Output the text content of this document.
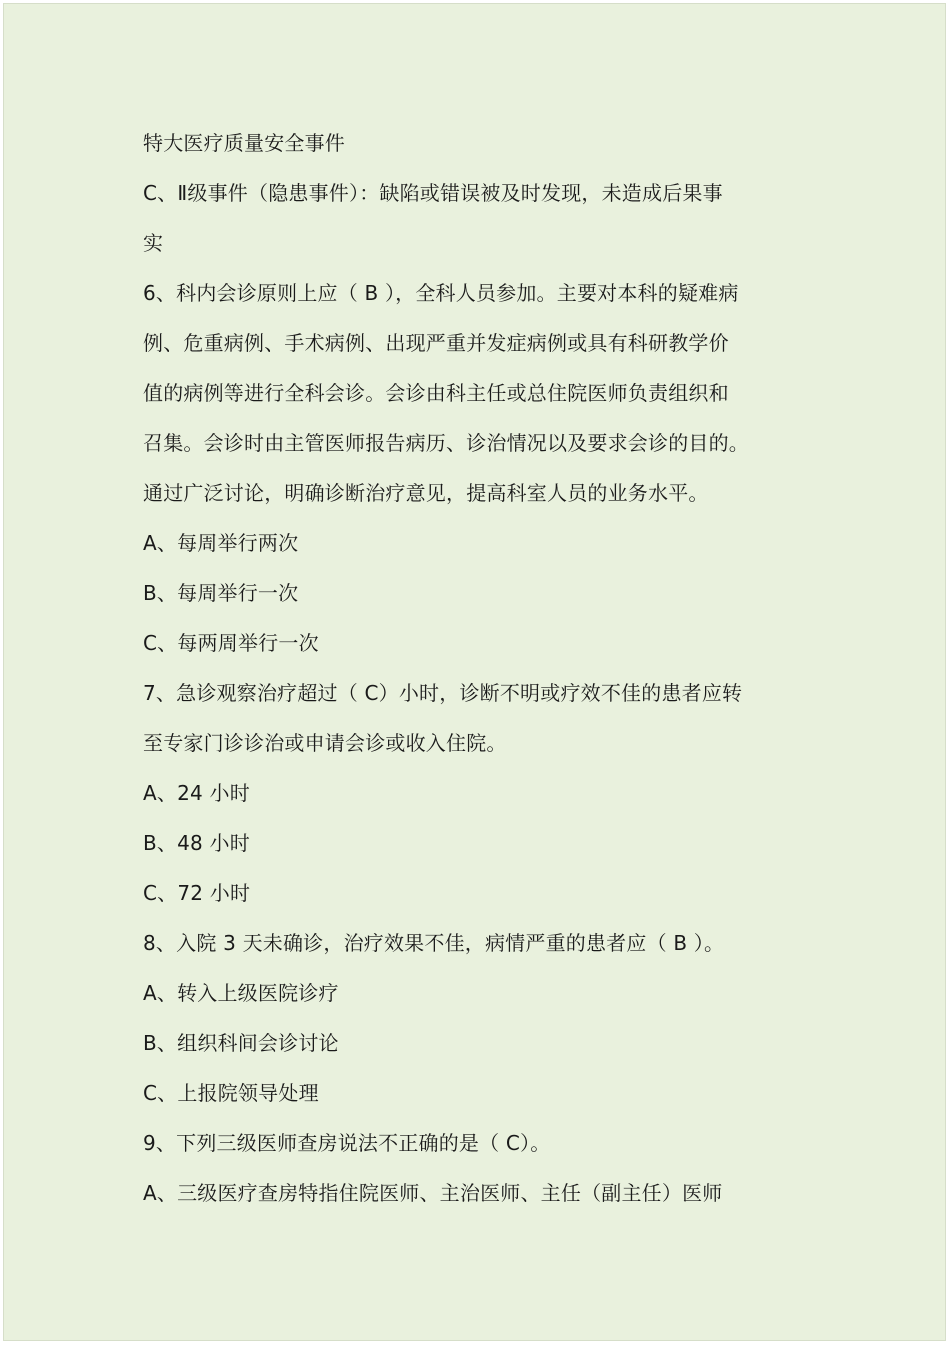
特大医疗质量安全事件
C、Ⅱ级事件（隐患事件）：缺陷或错误被及时发现，未造成后果事
实
6、科内会诊原则上应（ B ），全科人员参加。主要对本科的疑难病
例、危重病例、手术病例、出现严重并发症病例或具有科研教学价
值的病例等进行全科会诊。会诊由科主任或总住院医师负责组织和
召集。会诊时由主管医师报告病历、诊治情况以及要求会诊的目的。
通过广泛讨论，明确诊断治疗意见，提高科室人员的业务水平。
A、每周举行两次
B、每周举行一次
C、每两周举行一次
7、急诊观察治疗超过（ C）小时，诊断不明或疗效不佳的患者应转
至专家门诊诊治或申请会诊或收入住院。
A、24 小时
B、48 小时
C、72 小时
8、入院 3 天未确诊，治疗效果不佳，病情严重的患者应（ B ）。
A、转入上级医院诊疗
B、组织科间会诊讨论
C、上报院领导处理
9、下列三级医师查房说法不正确的是（ C）。
A、三级医疗查房特指住院医师、主治医师、主任（副主任）医师
